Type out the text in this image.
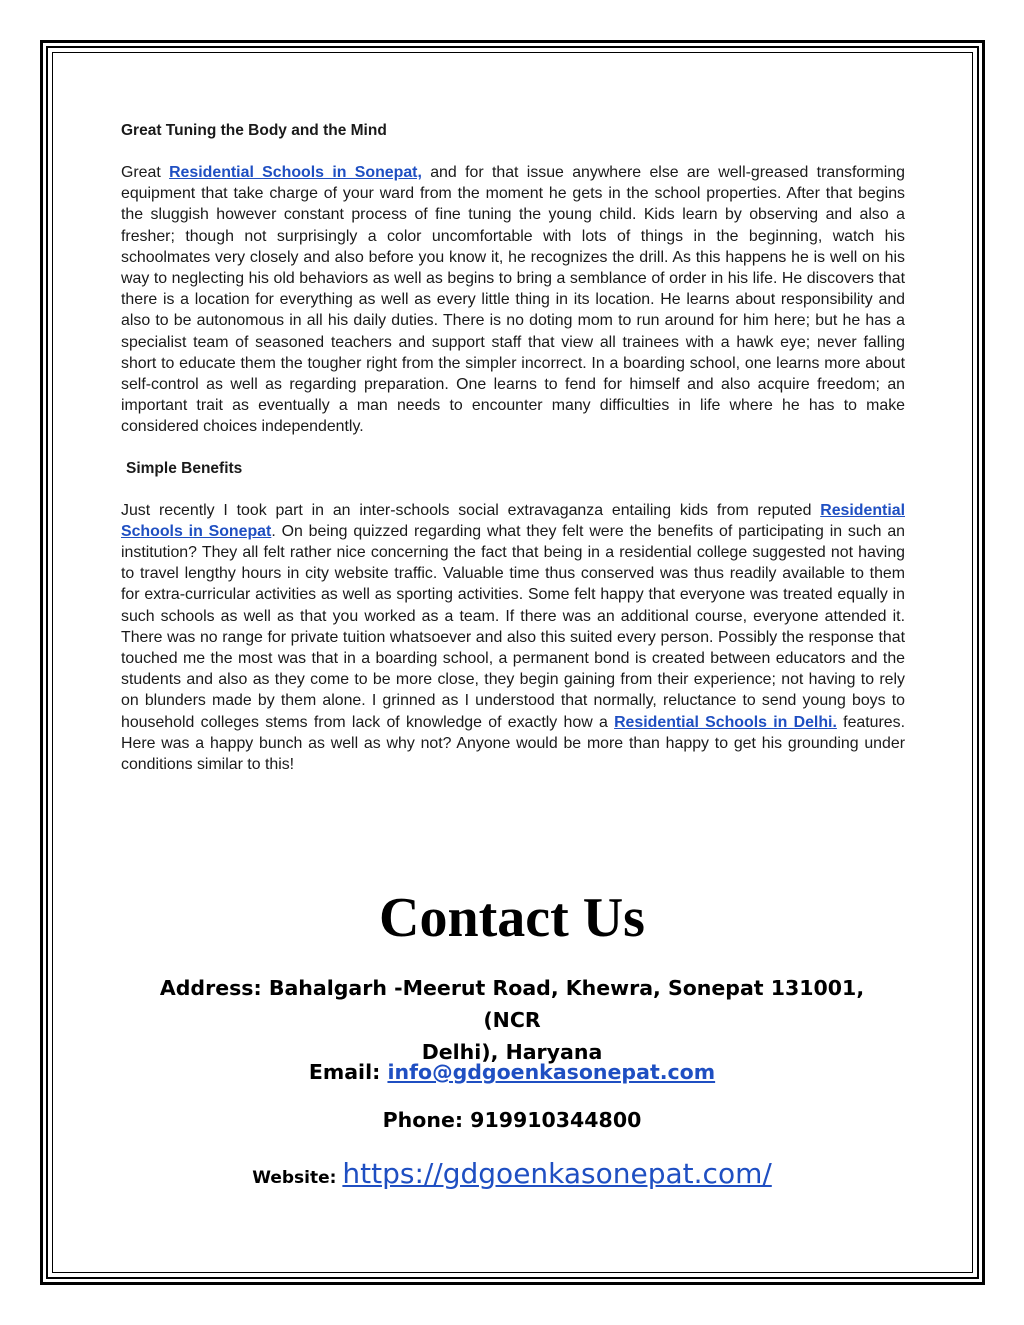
Great Tuning the Body and the Mind

Great Residential Schools in Sonepat, and for that issue anywhere else are well-greased transforming equipment that take charge of your ward from the moment he gets in the school properties. After that begins the sluggish however constant process of fine tuning the young child. Kids learn by observing and also a fresher; though not surprisingly a color uncomfortable with lots of things in the beginning, watch his schoolmates very closely and also before you know it, he recognizes the drill. As this happens he is well on his way to neglecting his old behaviors as well as begins to bring a semblance of order in his life. He discovers that there is a location for everything as well as every little thing in its location. He learns about responsibility and also to be autonomous in all his daily duties. There is no doting mom to run around for him here; but he has a specialist team of seasoned teachers and support staff that view all trainees with a hawk eye; never falling short to educate them the tougher right from the simpler incorrect. In a boarding school, one learns more about self-control as well as regarding preparation. One learns to fend for himself and also acquire freedom; an important trait as eventually a man needs to encounter many difficulties in life where he has to make considered choices independently.

Simple Benefits

Just recently I took part in an inter-schools social extravaganza entailing kids from reputed Residential Schools in Sonepat. On being quizzed regarding what they felt were the benefits of participating in such an institution? They all felt rather nice concerning the fact that being in a residential college suggested not having to travel lengthy hours in city website traffic. Valuable time thus conserved was thus readily available to them for extra-curricular activities as well as sporting activities. Some felt happy that everyone was treated equally in such schools as well as that you worked as a team. If there was an additional course, everyone attended it. There was no range for private tuition whatsoever and also this suited every person. Possibly the response that touched me the most was that in a boarding school, a permanent bond is created between educators and the students and also as they come to be more close, they begin gaining from their experience; not having to rely on blunders made by them alone. I grinned as I understood that normally, reluctance to send young boys to household colleges stems from lack of knowledge of exactly how a Residential Schools in Delhi. features. Here was a happy bunch as well as why not? Anyone would be more than happy to get his grounding under conditions similar to this!

Contact Us
Address: Bahalgarh -Meerut Road, Khewra, Sonepat 131001, (NCR
Delhi), Haryana
Email: info@gdgoenkasonepat.com
Phone: 919910344800
Website: https://gdgoenkasonepat.com/
